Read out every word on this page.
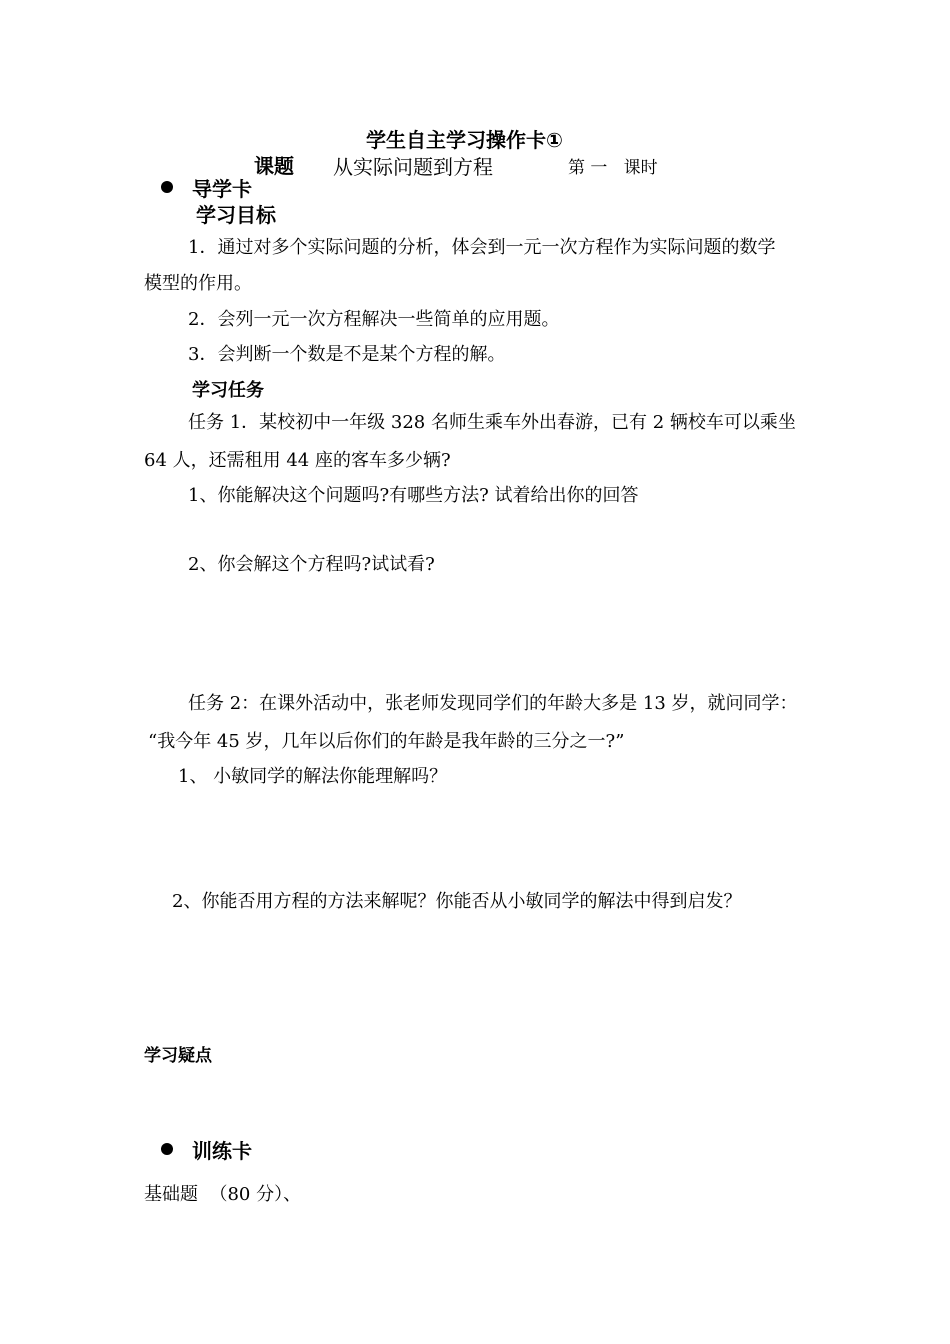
学生自主学习操作卡①
课题 从实际问题到方程	第 一   课时
导学卡
学习目标
1．通过对多个实际问题的分析，体会到一元一次方程作为实际问题的数学
模型的作用。
2．会列一元一次方程解决一些简单的应用题。
3．会判断一个数是不是某个方程的解。
学习任务
任务 1．某校初中一年级 328 名师生乘车外出春游，已有 2 辆校车可以乘坐
64 人，还需租用 44 座的客车多少辆?
1、你能解决这个问题吗?有哪些方法? 试着给出你的回答
2、你会解这个方程吗?试试看?
任务 2：在课外活动中，张老师发现同学们的年龄大多是 13 岁，就问同学：
“我今年 45 岁，几年以后你们的年龄是我年龄的三分之一?”
1、 小敏同学的解法你能理解吗？
2、你能否用方程的方法来解呢？你能否从小敏同学的解法中得到启发？
学习疑点
训练卡
基础题  （80 分）、
